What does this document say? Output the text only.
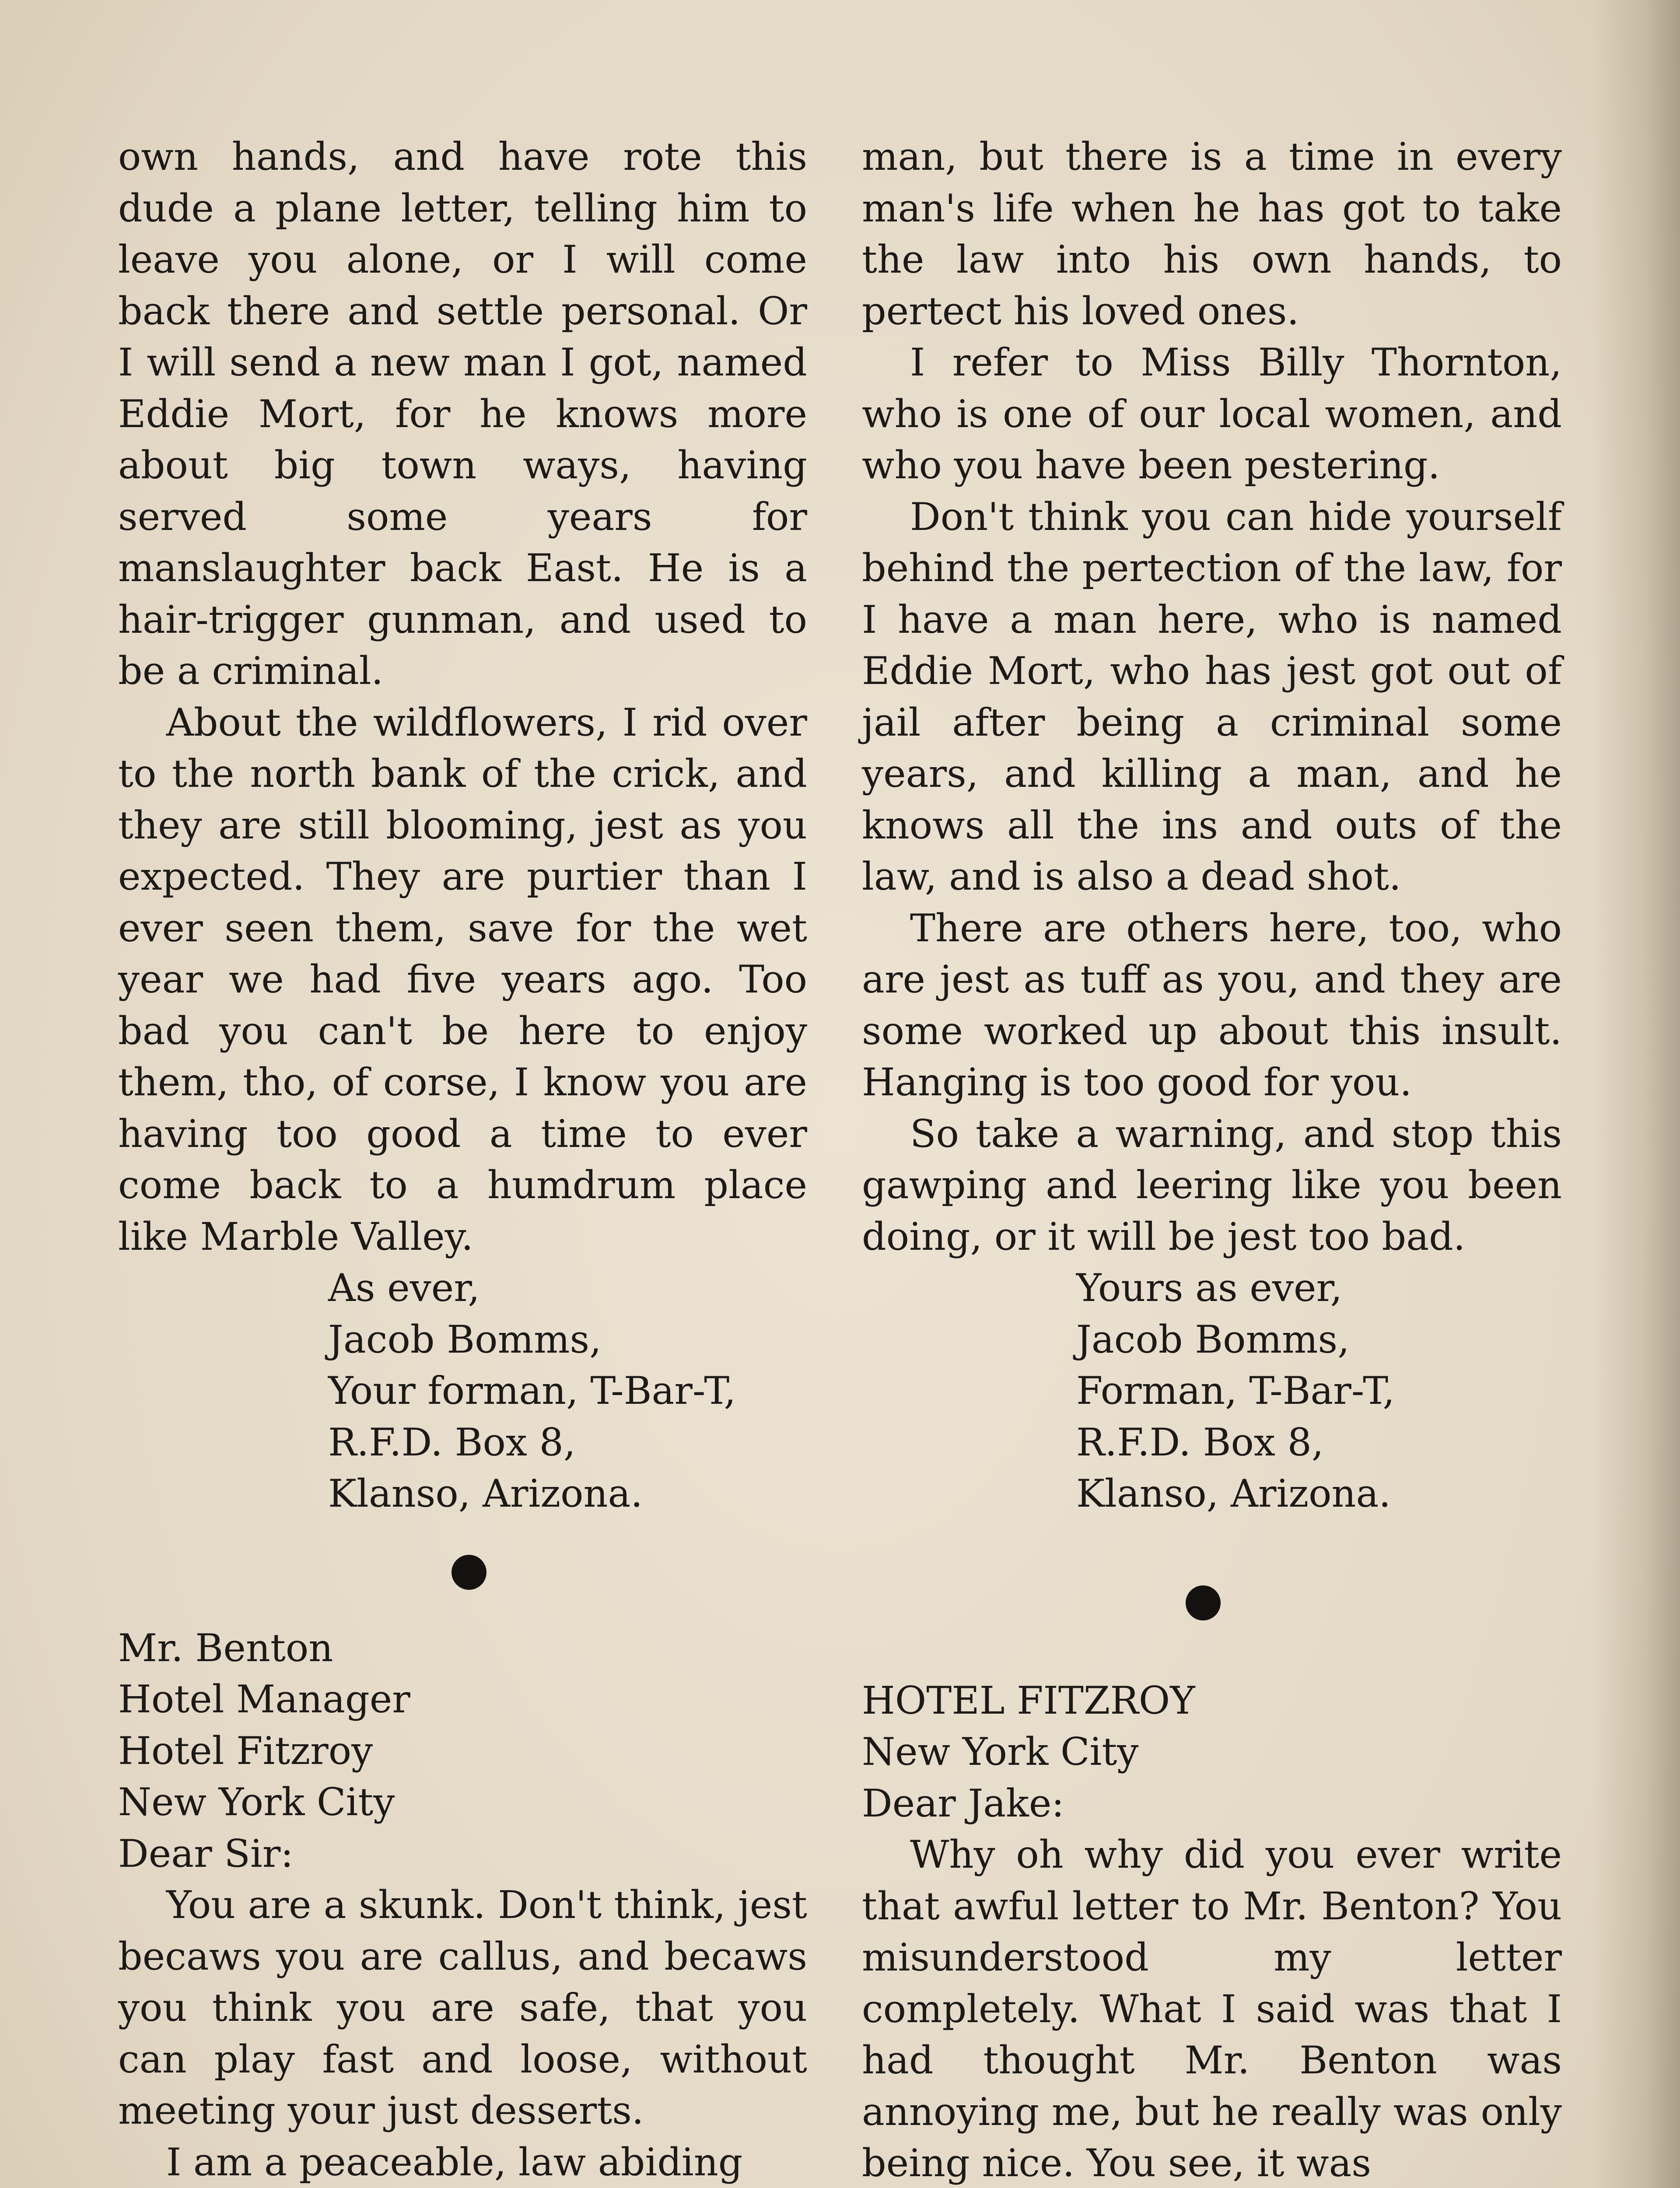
own hands, and have rote this dude a plane letter, telling him to leave you alone, or I will come back there and settle personal. Or I will send a new man I got, named Eddie Mort, for he knows more about big town ways, having served some years for manslaughter back East. He is a hair-trigger gunman, and used to be a criminal.

About the wildflowers, I rid over to the north bank of the crick, and they are still blooming, jest as you expected. They are purtier than I ever seen them, save for the wet year we had five years ago. Too bad you can't be here to enjoy them, tho, of corse, I know you are having too good a time to ever come back to a humdrum place like Marble Valley.

As ever,

Jacob Bomms,

Your forman, T-Bar-T,

R.F.D. Box 8,

Klanso, Arizona.

Mr. Benton

Hotel Manager

Hotel Fitzroy

New York City

Dear Sir:

You are a skunk. Don't think, jest becaws you are callus, and becaws you think you are safe, that you can play fast and loose, without meeting your just desserts.

I am a peaceable, law abiding

man, but there is a time in every man's life when he has got to take the law into his own hands, to pertect his loved ones.

I refer to Miss Billy Thornton, who is one of our local women, and who you have been pestering.

Don't think you can hide yourself behind the pertection of the law, for I have a man here, who is named Eddie Mort, who has jest got out of jail after being a criminal some years, and killing a man, and he knows all the ins and outs of the law, and is also a dead shot.

There are others here, too, who are jest as tuff as you, and they are some worked up about this insult. Hanging is too good for you.

So take a warning, and stop this gawping and leering like you been doing, or it will be jest too bad.

Yours as ever,

Jacob Bomms,

Forman, T-Bar-T,

R.F.D. Box 8,

Klanso, Arizona.

HOTEL FITZROY

New York City

Dear Jake:

Why oh why did you ever write that awful letter to Mr. Benton? You misunderstood my letter completely. What I said was that I had thought Mr. Benton was annoying me, but he really was only being nice. You see, it was
